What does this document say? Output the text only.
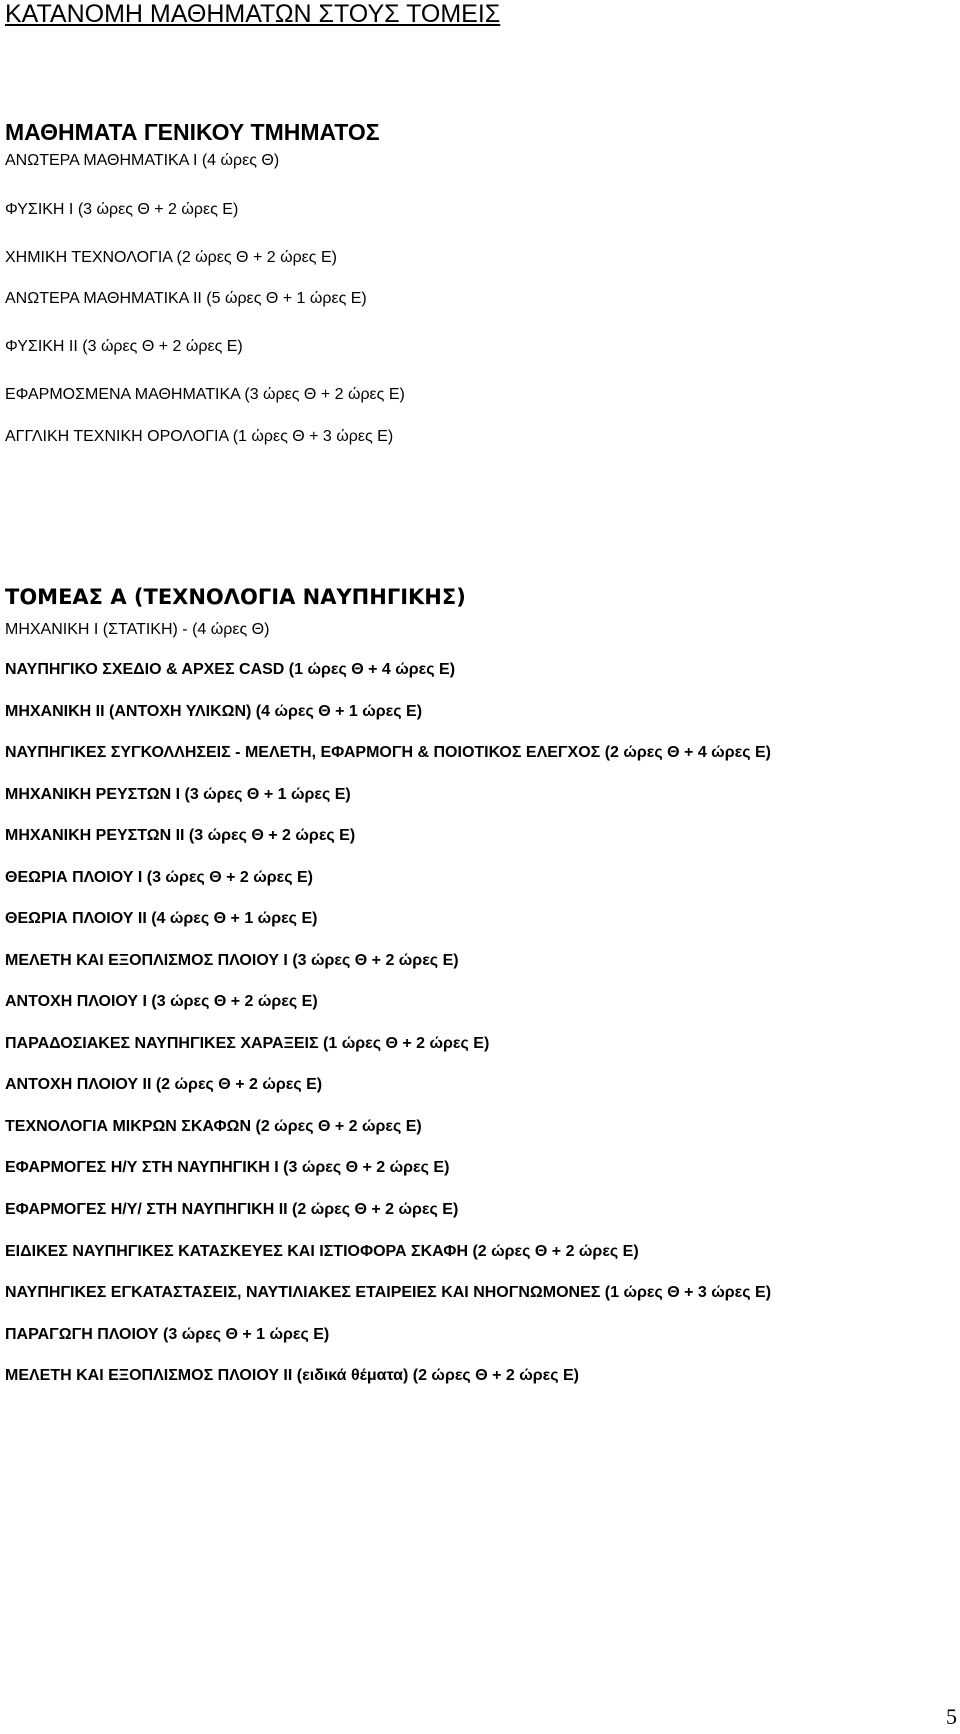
ΚΑΤΑΝΟΜΗ ΜΑΘΗΜΑΤΩΝ ΣΤΟΥΣ ΤΟΜΕΙΣ
ΜΑΘΗΜΑΤΑ ΓΕΝΙΚΟΥ ΤΜΗΜΑΤΟΣ
ΑΝΩΤΕΡΑ ΜΑΘΗΜΑΤΙΚΑ Ι (4 ώρες Θ)
ΦΥΣΙΚΗ Ι (3 ώρες Θ + 2 ώρες Ε)
ΧΗΜΙΚΗ ΤΕΧΝΟΛΟΓΙΑ (2 ώρες Θ + 2 ώρες Ε)
ΑΝΩΤΕΡΑ ΜΑΘΗΜΑΤΙΚΑ ΙΙ (5 ώρες Θ + 1 ώρες Ε)
ΦΥΣΙΚΗ ΙΙ (3 ώρες Θ + 2 ώρες Ε)
ΕΦΑΡΜΟΣΜΕΝΑ ΜΑΘΗΜΑΤΙΚΑ (3 ώρες Θ + 2 ώρες Ε)
ΑΓΓΛΙΚΗ ΤΕΧΝΙΚΗ ΟΡΟΛΟΓΙΑ (1 ώρες Θ + 3 ώρες Ε)
ΤΟΜΕΑΣ Α (ΤΕΧΝΟΛΟΓΙΑ ΝΑΥΠΗΓΙΚΗΣ)
ΜΗΧΑΝΙΚΗ Ι (ΣΤΑΤΙΚΗ) - (4 ώρες Θ)
ΝΑΥΠΗΓΙΚΟ ΣΧΕΔΙΟ & ΑΡΧΕΣ CASD (1 ώρες Θ + 4 ώρες Ε)
ΜΗΧΑΝΙΚΗ ΙΙ (ΑΝΤΟΧΗ ΥΛΙΚΩΝ) (4 ώρες Θ + 1 ώρες Ε)
ΝΑΥΠΗΓΙΚΕΣ ΣΥΓΚΟΛΛΗΣΕΙΣ - ΜΕΛΕΤΗ, ΕΦΑΡΜΟΓΗ & ΠΟΙΟΤΙΚΟΣ ΕΛΕΓΧΟΣ (2 ώρες Θ + 4 ώρες Ε)
ΜΗΧΑΝΙΚΗ ΡΕΥΣΤΩΝ Ι (3 ώρες Θ + 1 ώρες Ε)
ΜΗΧΑΝΙΚΗ ΡΕΥΣΤΩΝ ΙΙ (3 ώρες Θ + 2 ώρες Ε)
ΘΕΩΡΙΑ ΠΛΟΙΟΥ Ι (3 ώρες Θ + 2 ώρες Ε)
ΘΕΩΡΙΑ ΠΛΟΙΟΥ ΙΙ (4 ώρες Θ + 1 ώρες Ε)
ΜΕΛΕΤΗ ΚΑΙ ΕΞΟΠΛΙΣΜΟΣ ΠΛΟΙΟΥ Ι (3 ώρες Θ + 2 ώρες Ε)
ΑΝΤΟΧΗ ΠΛΟΙΟΥ Ι (3 ώρες Θ + 2 ώρες Ε)
ΠΑΡΑΔΟΣΙΑΚΕΣ ΝΑΥΠΗΓΙΚΕΣ ΧΑΡΑΞΕΙΣ (1 ώρες Θ + 2 ώρες Ε)
ΑΝΤΟΧΗ ΠΛΟΙΟΥ ΙΙ (2 ώρες Θ + 2 ώρες Ε)
ΤΕΧΝΟΛΟΓΙΑ ΜΙΚΡΩΝ ΣΚΑΦΩΝ (2 ώρες Θ + 2 ώρες Ε)
ΕΦΑΡΜΟΓΕΣ Η/Υ ΣΤΗ ΝΑΥΠΗΓΙΚΗ Ι (3 ώρες Θ + 2 ώρες Ε)
ΕΦΑΡΜΟΓΕΣ Η/Υ/ ΣΤΗ ΝΑΥΠΗΓΙΚΗ ΙΙ (2 ώρες Θ + 2 ώρες Ε)
ΕΙΔΙΚΕΣ ΝΑΥΠΗΓΙΚΕΣ ΚΑΤΑΣΚΕΥΕΣ ΚΑΙ ΙΣΤΙΟΦΟΡΑ ΣΚΑΦΗ (2 ώρες Θ + 2 ώρες Ε)
ΝΑΥΠΗΓΙΚΕΣ ΕΓΚΑΤΑΣΤΑΣΕΙΣ, ΝΑΥΤΙΛΙΑΚΕΣ ΕΤΑΙΡΕΙΕΣ ΚΑΙ ΝΗΟΓΝΩΜΟΝΕΣ (1 ώρες Θ + 3 ώρες Ε)
ΠΑΡΑΓΩΓΗ ΠΛΟΙΟΥ (3 ώρες Θ + 1 ώρες Ε)
ΜΕΛΕΤΗ ΚΑΙ ΕΞΟΠΛΙΣΜΟΣ ΠΛΟΙΟΥ ΙΙ (ειδικά θέματα) (2 ώρες Θ + 2 ώρες Ε)
5
